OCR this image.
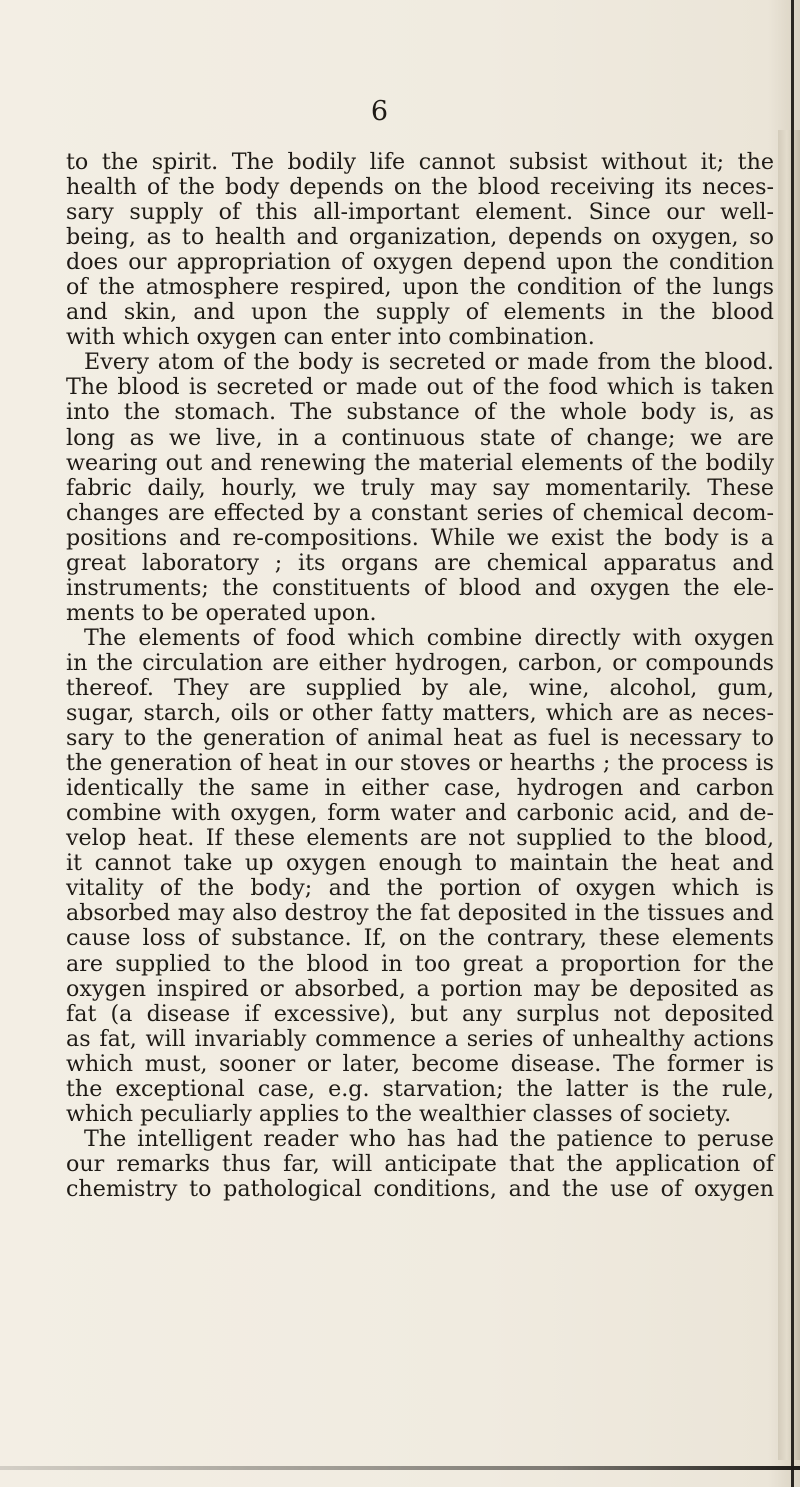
6
to the spirit. The bodily life cannot subsist without it; the
health of the body depends on the blood receiving its neces-
sary supply of this all-important element. Since our well-
being, as to health and organization, depends on oxygen, so
does our appropriation of oxygen depend upon the condition
of the atmosphere respired, upon the condition of the lungs
and skin, and upon the supply of elements in the blood
with which oxygen can enter into combination.
Every atom of the body is secreted or made from the blood.
The blood is secreted or made out of the food which is taken
into the stomach. The substance of the whole body is, as
long as we live, in a continuous state of change; we are
wearing out and renewing the material elements of the bodily
fabric daily, hourly, we truly may say momentarily. These
changes are effected by a constant series of chemical decom-
positions and re-compositions. While we exist the body is a
great laboratory ; its organs are chemical apparatus and
instruments; the constituents of blood and oxygen the ele-
ments to be operated upon.
The elements of food which combine directly with oxygen
in the circulation are either hydrogen, carbon, or compounds
thereof. They are supplied by ale, wine, alcohol, gum,
sugar, starch, oils or other fatty matters, which are as neces-
sary to the generation of animal heat as fuel is necessary to
the generation of heat in our stoves or hearths ; the process is
identically the same in either case, hydrogen and carbon
combine with oxygen, form water and carbonic acid, and de-
velop heat. If these elements are not supplied to the blood,
it cannot take up oxygen enough to maintain the heat and
vitality of the body; and the portion of oxygen which is
absorbed may also destroy the fat deposited in the tissues and
cause loss of substance. If, on the contrary, these elements
are supplied to the blood in too great a proportion for the
oxygen inspired or absorbed, a portion may be deposited as
fat (a disease if excessive), but any surplus not deposited
as fat, will invariably commence a series of unhealthy actions
which must, sooner or later, become disease. The former is
the exceptional case, e.g. starvation; the latter is the rule,
which peculiarly applies to the wealthier classes of society.
The intelligent reader who has had the patience to peruse
our remarks thus far, will anticipate that the application of
chemistry to pathological conditions, and the use of oxygen
